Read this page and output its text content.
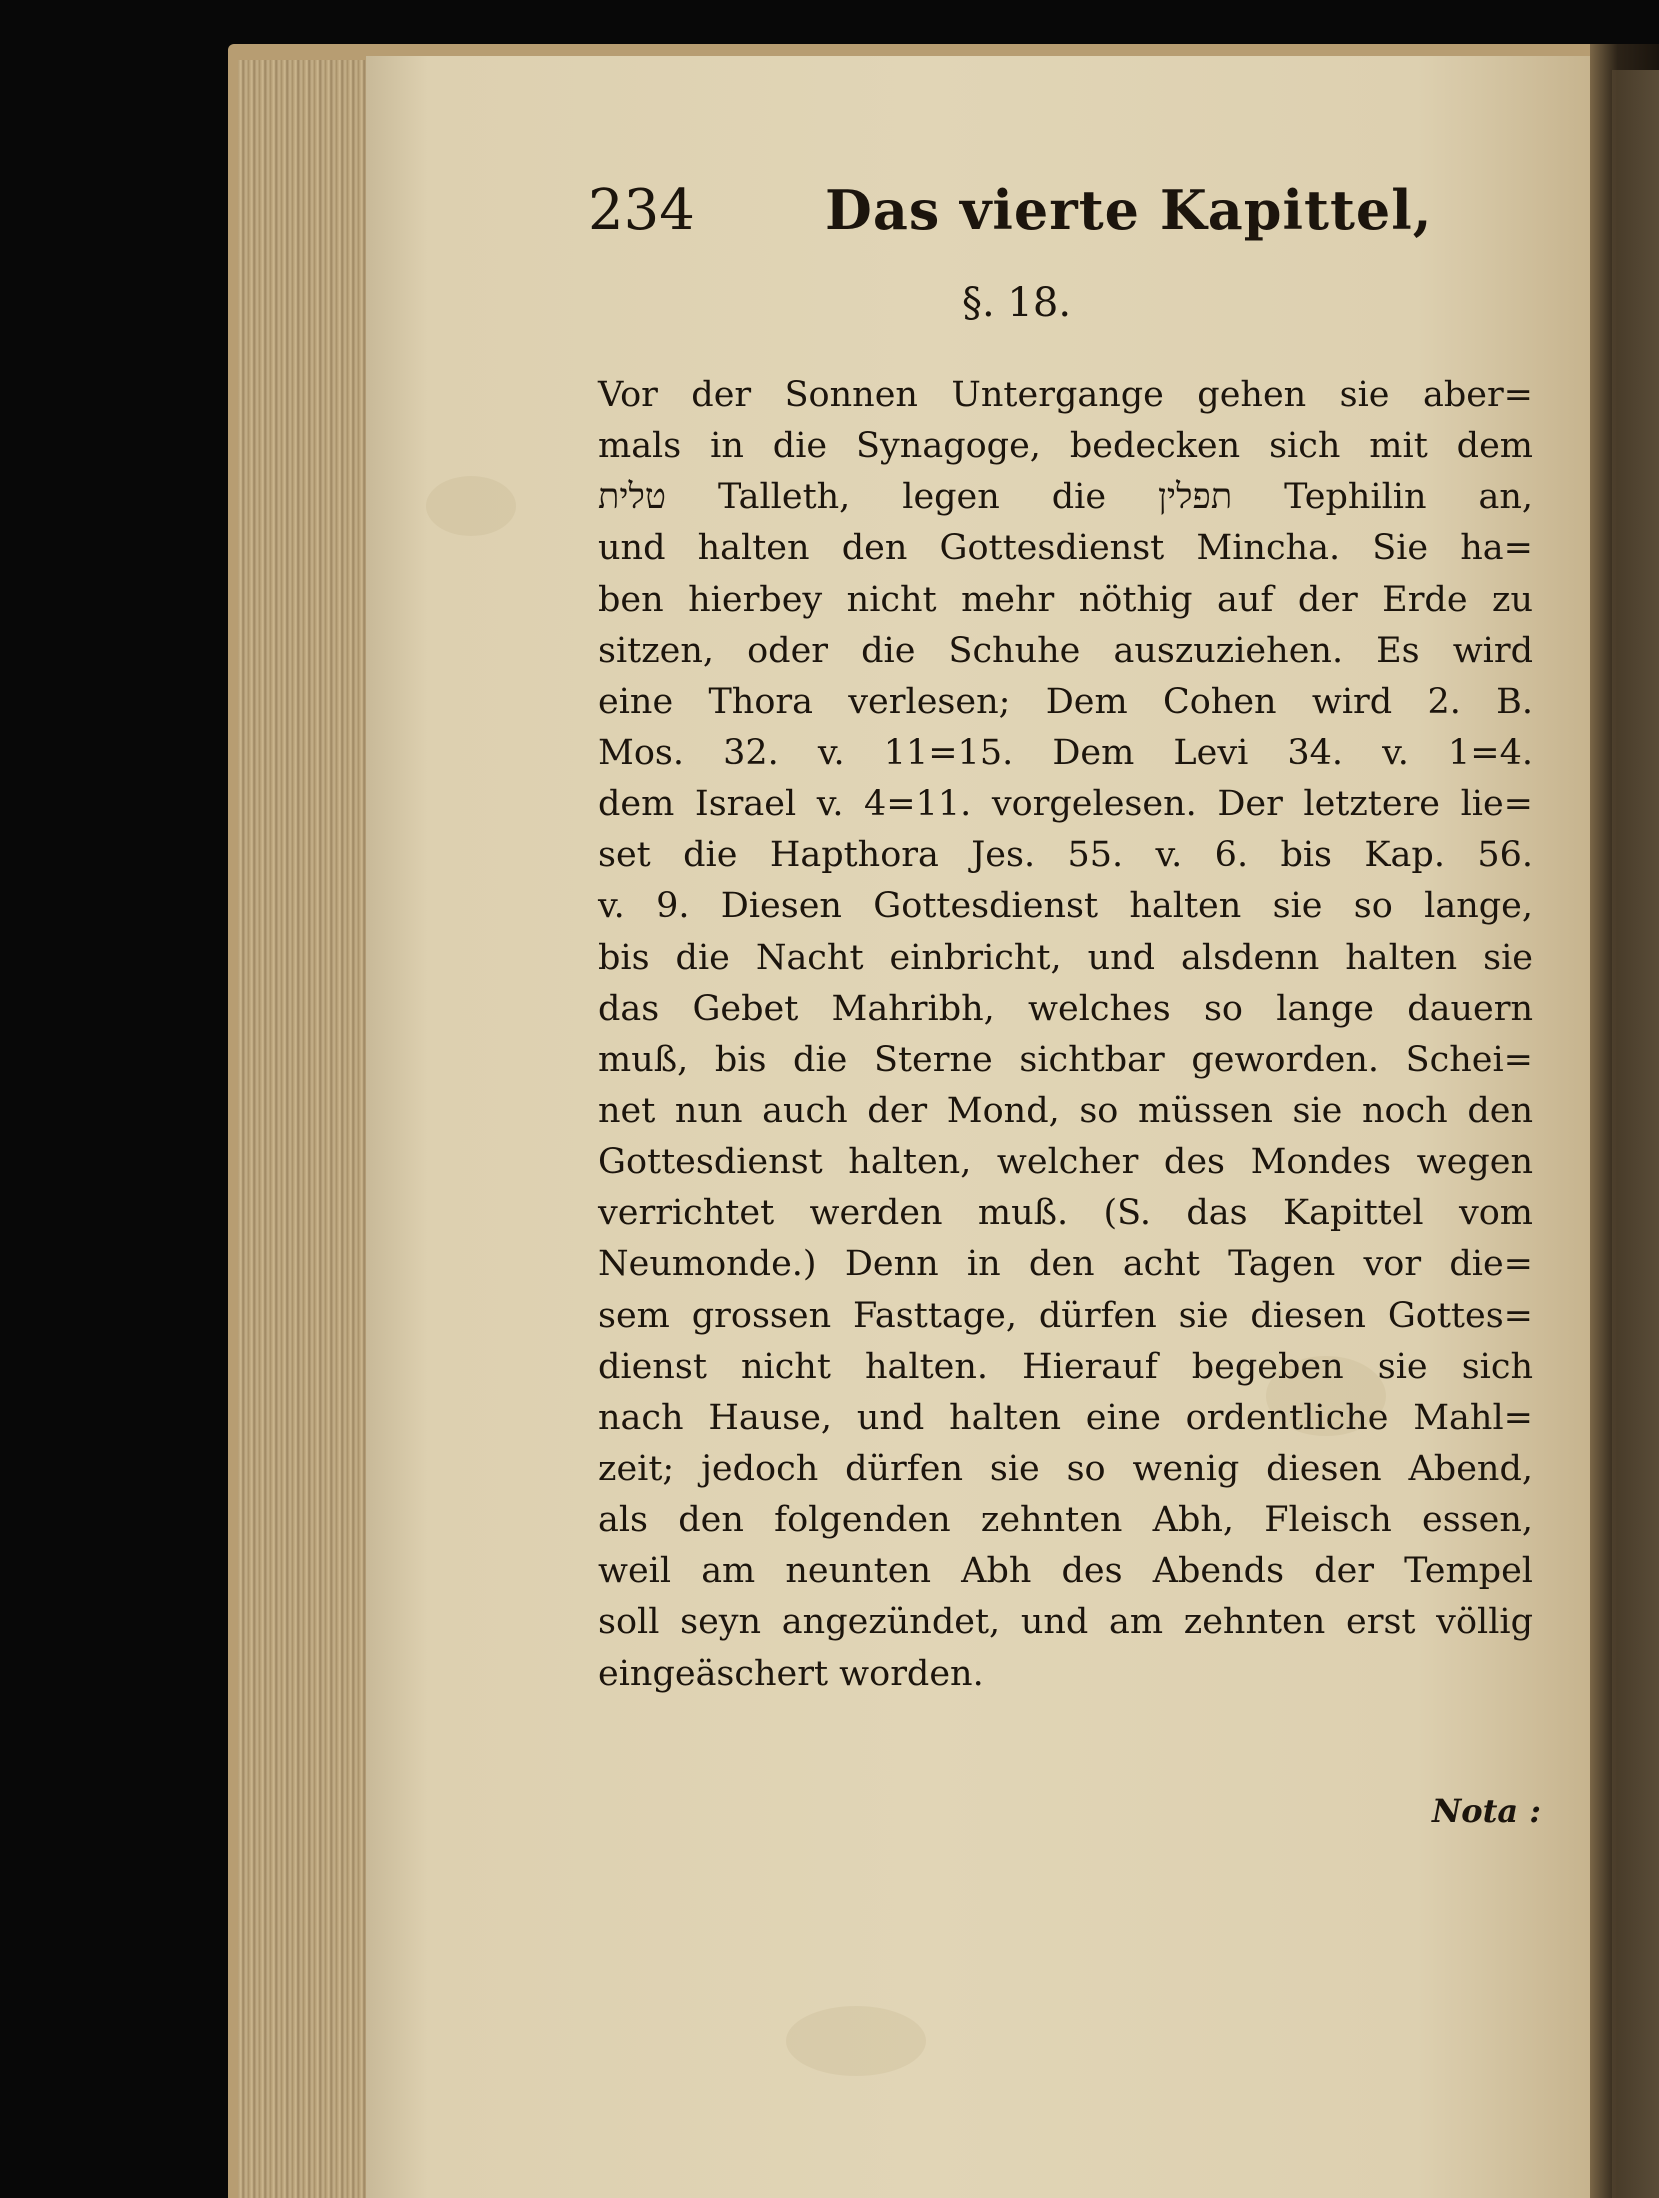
234 Das vierte Kapittel,
§. 18.
Vor der Sonnen Untergange gehen sie aber=
mals in die Synagoge, bedecken sich mit dem
טלית Talleth, legen die תפלין Tephilin an,
und halten den Gottesdienst Mincha. Sie ha=
ben hierbey nicht mehr nöthig auf der Erde zu
sitzen, oder die Schuhe auszuziehen. Es wird
eine Thora verlesen; Dem Cohen wird 2. B.
Mos. 32. v. 11=15. Dem Levi 34. v. 1=4.
dem Israel v. 4=11. vorgelesen. Der letztere lie=
set die Hapthora Jes. 55. v. 6. bis Kap. 56.
v. 9. Diesen Gottesdienst halten sie so lange,
bis die Nacht einbricht, und alsdenn halten sie
das Gebet Mahribh, welches so lange dauern
muß, bis die Sterne sichtbar geworden. Schei=
net nun auch der Mond, so müssen sie noch den
Gottesdienst halten, welcher des Mondes wegen
verrichtet werden muß. (S. das Kapittel vom
Neumonde.) Denn in den acht Tagen vor die=
sem grossen Fasttage, dürfen sie diesen Gottes=
dienst nicht halten. Hierauf begeben sie sich
nach Hause, und halten eine ordentliche Mahl=
zeit; jedoch dürfen sie so wenig diesen Abend,
als den folgenden zehnten Abh, Fleisch essen,
weil am neunten Abh des Abends der Tempel
soll seyn angezündet, und am zehnten erst völlig
eingeäschert worden.
Nota :
